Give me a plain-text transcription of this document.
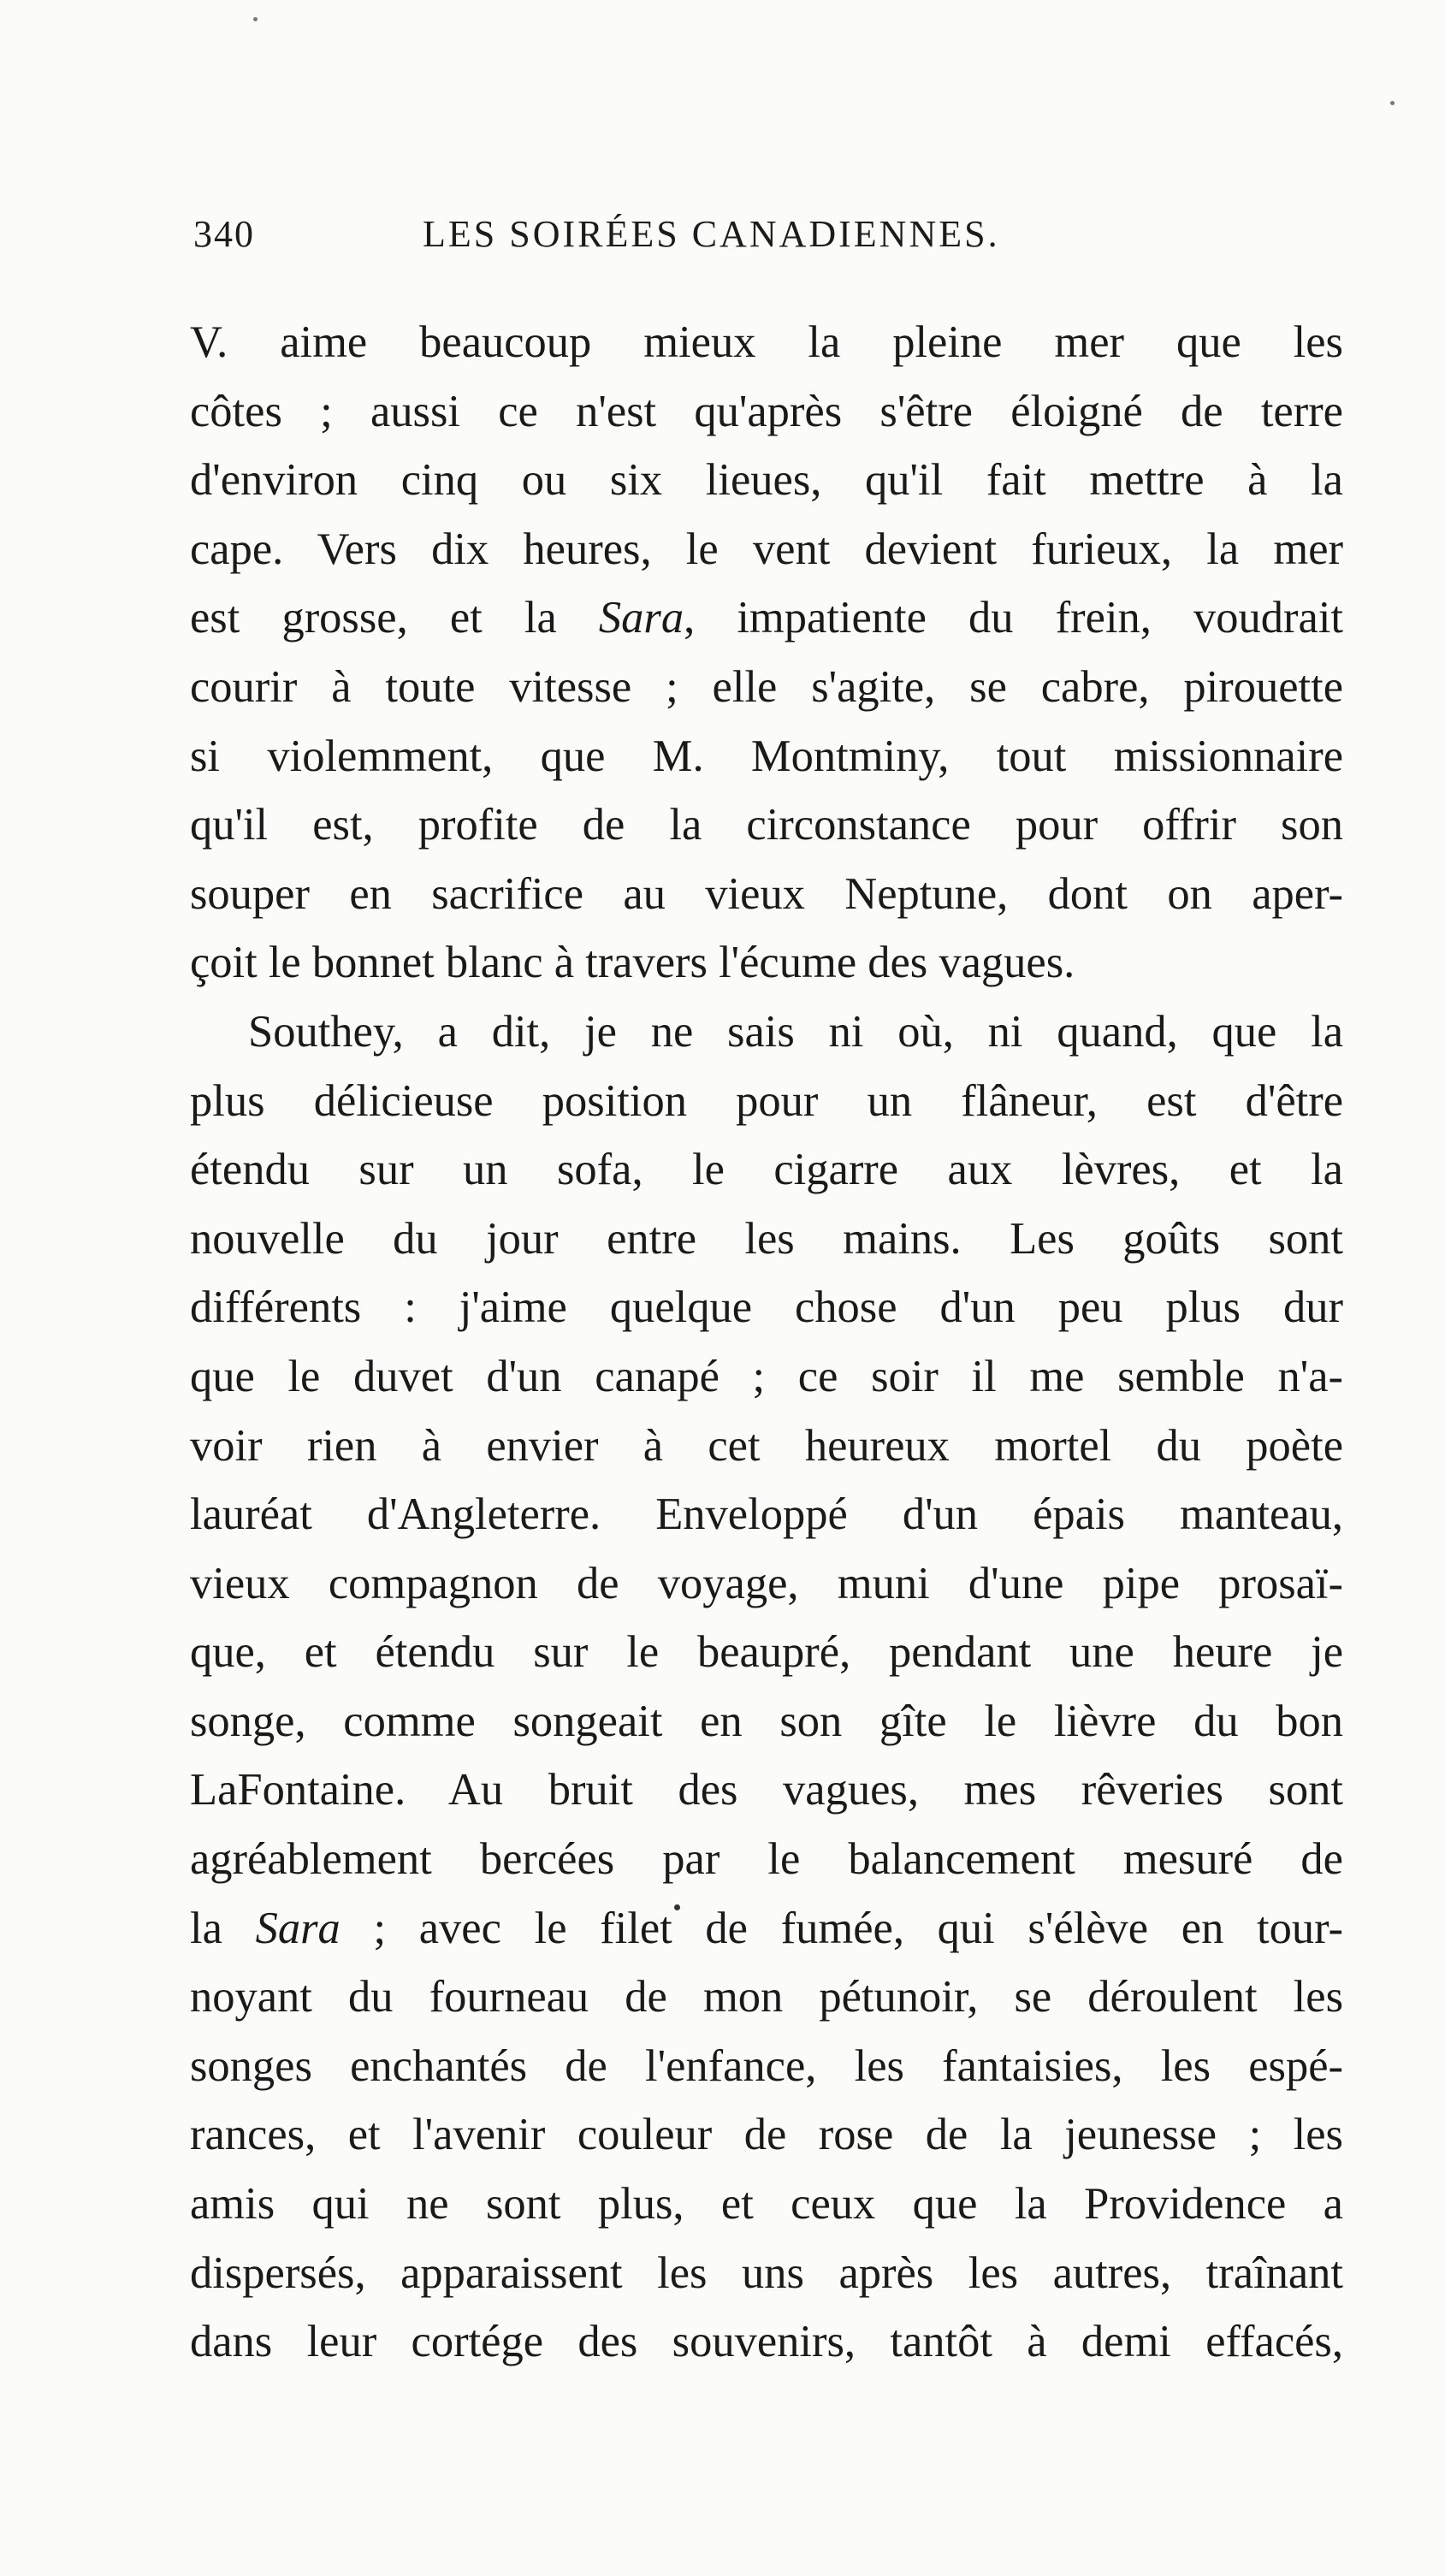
340	LES SOIRÉES CANADIENNES.
V. aime beaucoup mieux la pleine mer que les
côtes ; aussi ce n'est qu'après s'être éloigné de terre
d'environ cinq ou six lieues, qu'il fait mettre à la
cape. Vers dix heures, le vent devient furieux, la mer
est grosse, et la Sara, impatiente du frein, voudrait
courir à toute vitesse ; elle s'agite, se cabre, pirouette
si violemment, que M. Montminy, tout missionnaire
qu'il est, profite de la circonstance pour offrir son
souper en sacrifice au vieux Neptune, dont on aper-
çoit le bonnet blanc à travers l'écume des vagues.
Southey, a dit, je ne sais ni où, ni quand, que la
plus délicieuse position pour un flâneur, est d'être
étendu sur un sofa, le cigarre aux lèvres, et la
nouvelle du jour entre les mains. Les goûts sont
différents : j'aime quelque chose d'un peu plus dur
que le duvet d'un canapé ; ce soir il me semble n'a-
voir rien à envier à cet heureux mortel du poète
lauréat d'Angleterre. Enveloppé d'un épais manteau,
vieux compagnon de voyage, muni d'une pipe prosaï-
que, et étendu sur le beaupré, pendant une heure je
songe, comme songeait en son gîte le lièvre du bon
LaFontaine. Au bruit des vagues, mes rêveries sont
agréablement bercées par le balancement mesuré de
la Sara ; avec le filet de fumée, qui s'élève en tour-
noyant du fourneau de mon pétunoir, se déroulent les
songes enchantés de l'enfance, les fantaisies, les espé-
rances, et l'avenir couleur de rose de la jeunesse ; les
amis qui ne sont plus, et ceux que la Providence a
dispersés, apparaissent les uns après les autres, traînant
dans leur cortége des souvenirs, tantôt à demi effacés,
